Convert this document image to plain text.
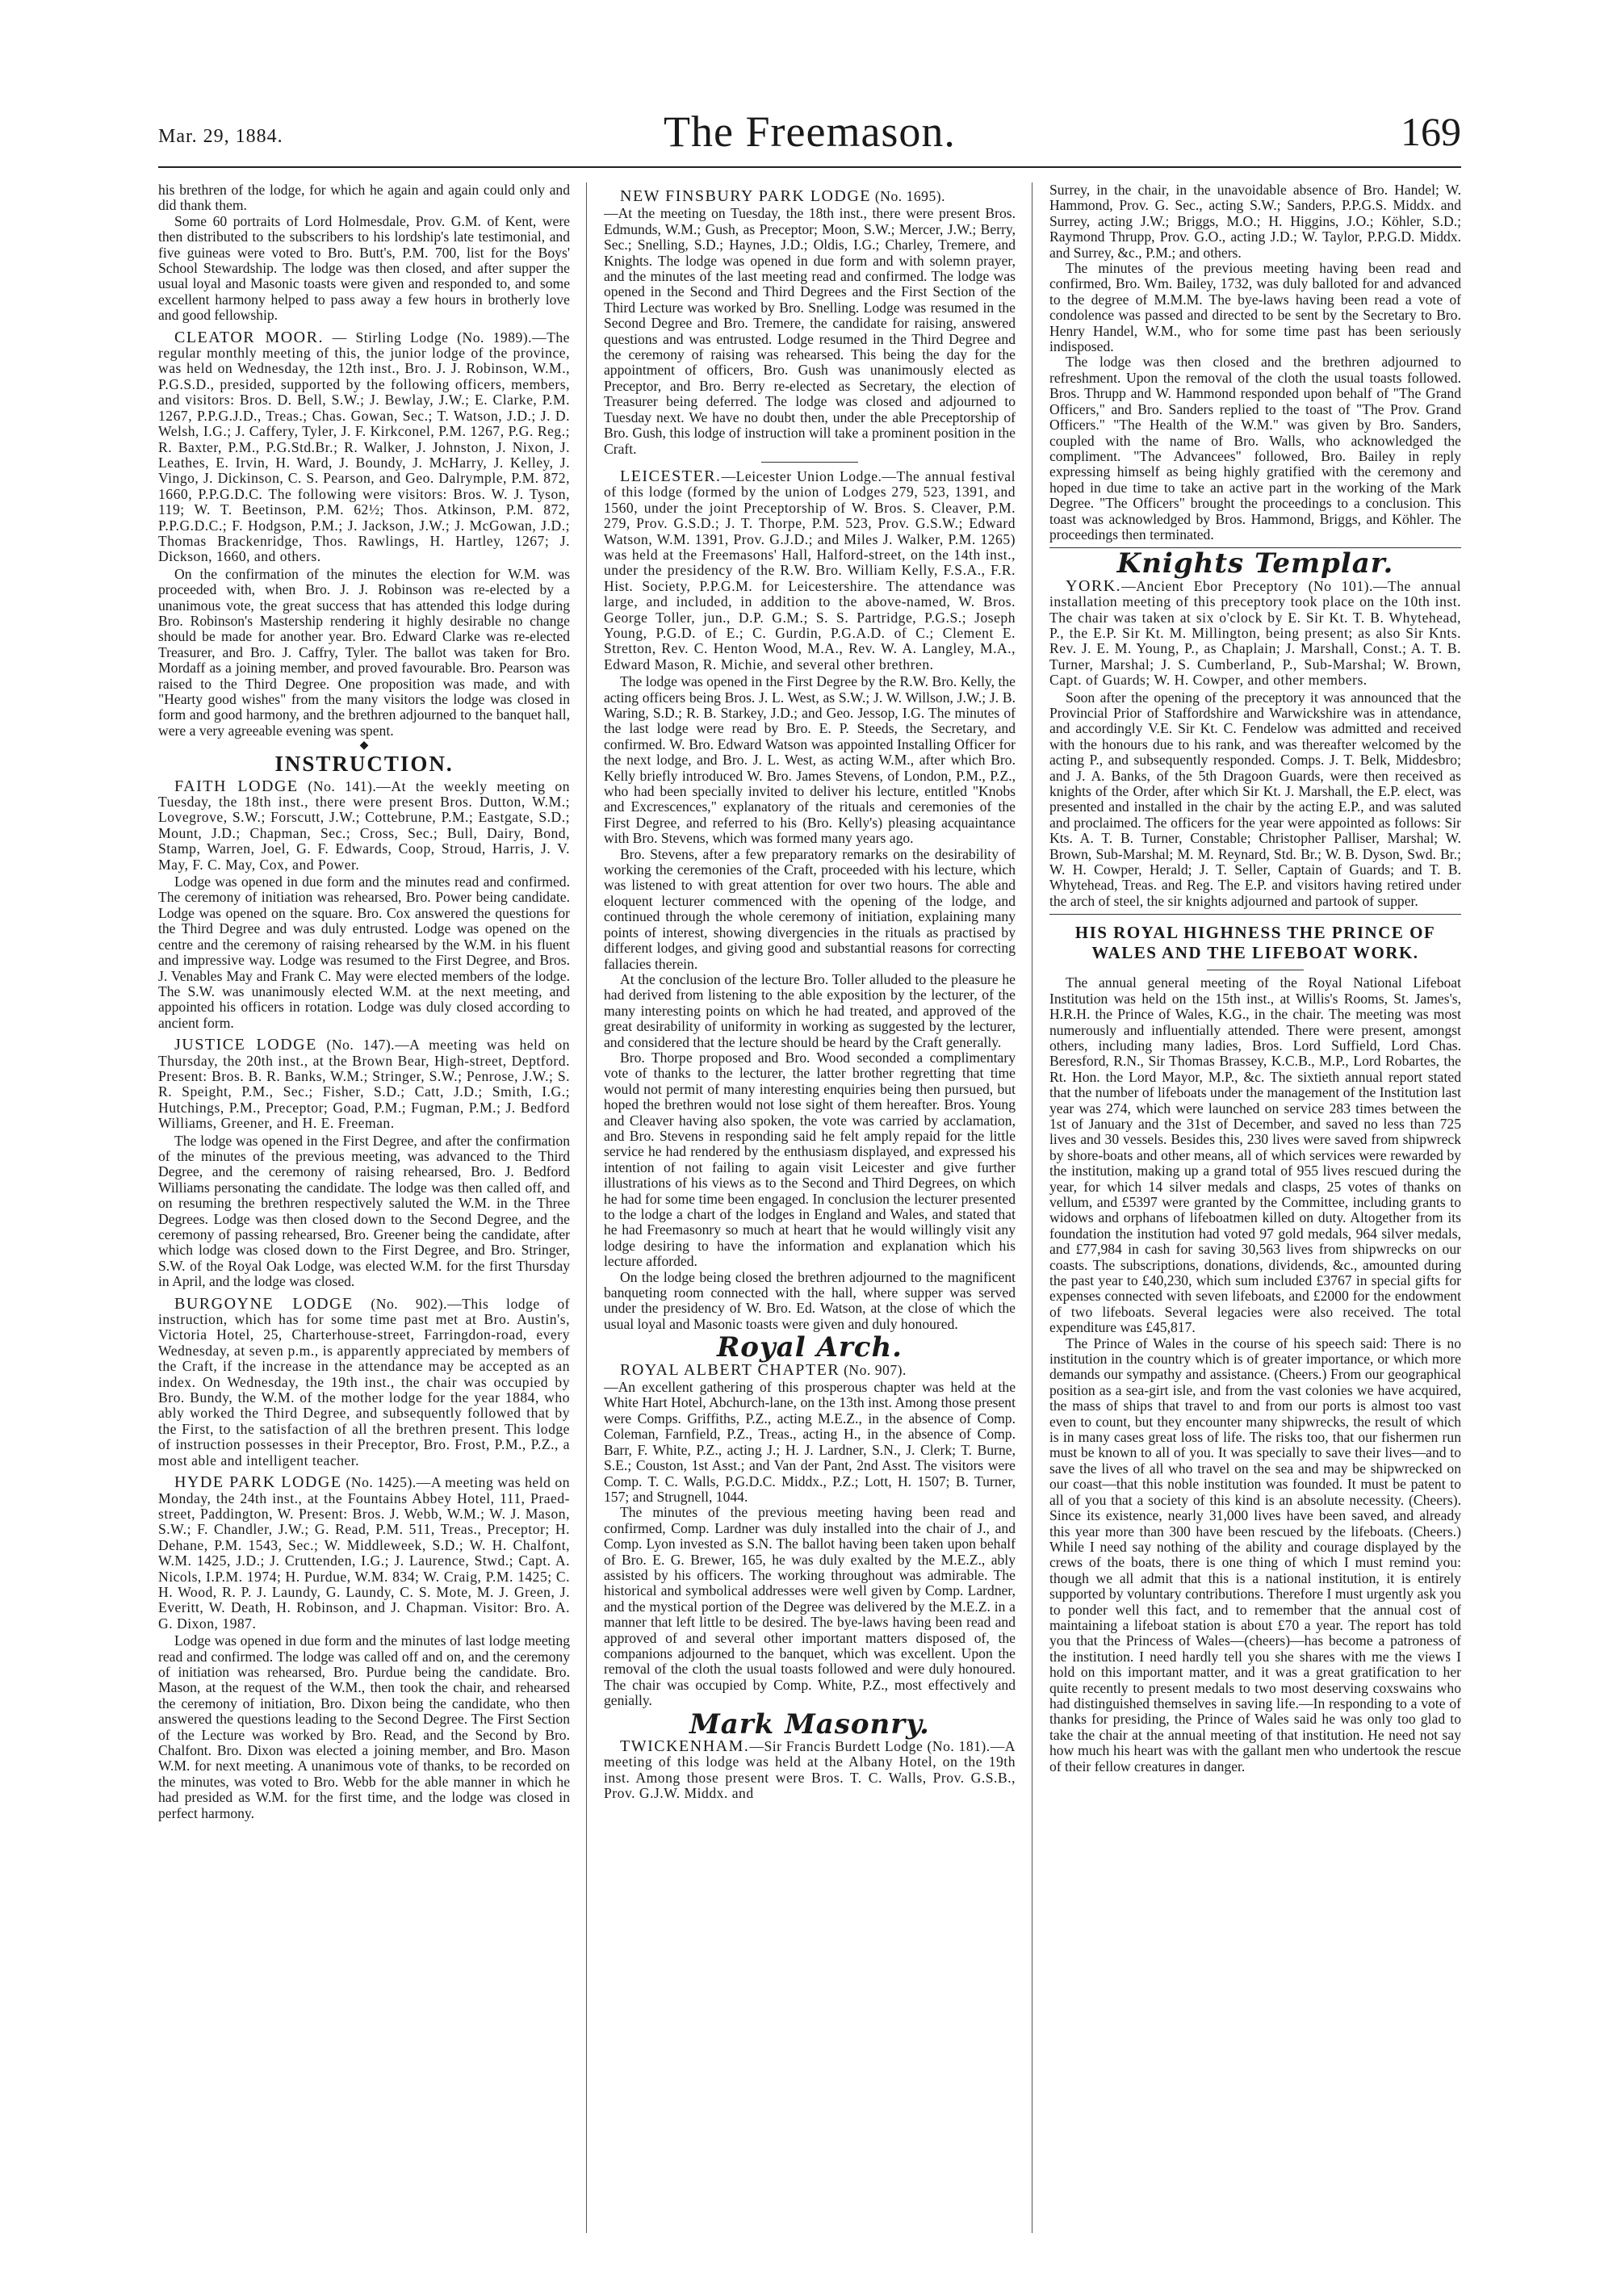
Mar. 29, 1884.	The Freemason.	169

his brethren of the lodge, for which he again and again could only and did thank them.

Some 60 portraits of Lord Holmesdale, Prov. G.M. of Kent, were then distributed to the subscribers to his lordship's late testimonial, and five guineas were voted to Bro. Butt's, P.M. 700, list for the Boys' School Stewardship. The lodge was then closed, and after supper the usual loyal and Masonic toasts were given and responded to, and some excellent harmony helped to pass away a few hours in brotherly love and good fellowship.

CLEATOR MOOR. — Stirling Lodge (No. 1989).—The regular monthly meeting of this, the junior lodge of the province, was held on Wednesday, the 12th inst., Bro. J. J. Robinson, W.M., P.G.S.D., presided, supported by the following officers, members, and visitors: Bros. D. Bell, S.W.; J. Bewlay, J.W.; E. Clarke, P.M. 1267, P.P.G.J.D., Treas.; Chas. Gowan, Sec.; T. Watson, J.D.; J. D. Welsh, I.G.; J. Caffery, Tyler, J. F. Kirkconel, P.M. 1267, P.G. Reg.; R. Baxter, P.M., P.G.Std.Br.; R. Walker, J. Johnston, J. Nixon, J. Leathes, E. Irvin, H. Ward, J. Boundy, J. McHarry, J. Kelley, J. Vingo, J. Dickinson, C. S. Pearson, and Geo. Dalrymple, P.M. 872, 1660, P.P.G.D.C. The following were visitors: Bros. W. J. Tyson, 119; W. T. Beetinson, P.M. 62½; Thos. Atkinson, P.M. 872, P.P.G.D.C.; F. Hodgson, P.M.; J. Jackson, J.W.; J. McGowan, J.D.; Thomas Brackenridge, Thos. Rawlings, H. Hartley, 1267; J. Dickson, 1660, and others.

On the confirmation of the minutes the election for W.M. was proceeded with, when Bro. J. J. Robinson was re-elected by a unanimous vote, the great success that has attended this lodge during Bro. Robinson's Mastership rendering it highly desirable no change should be made for another year. Bro. Edward Clarke was re-elected Treasurer, and Bro. J. Caffry, Tyler. The ballot was taken for Bro. Mordaff as a joining member, and proved favourable. Bro. Pearson was raised to the Third Degree. One proposition was made, and with "Hearty good wishes" from the many visitors the lodge was closed in form and good harmony, and the brethren adjourned to the banquet hall, were a very agreeable evening was spent.

◆
INSTRUCTION.
FAITH LODGE (No. 141).—At the weekly meeting on Tuesday, the 18th inst., there were present Bros. Dutton, W.M.; Lovegrove, S.W.; Forscutt, J.W.; Cottebrune, P.M.; Eastgate, S.D.; Mount, J.D.; Chapman, Sec.; Cross, Sec.; Bull, Dairy, Bond, Stamp, Warren, Joel, G. F. Edwards, Coop, Stroud, Harris, J. V. May, F. C. May, Cox, and Power.

Lodge was opened in due form and the minutes read and confirmed. The ceremony of initiation was rehearsed, Bro. Power being candidate. Lodge was opened on the square. Bro. Cox answered the questions for the Third Degree and was duly entrusted. Lodge was opened on the centre and the ceremony of raising rehearsed by the W.M. in his fluent and impressive way. Lodge was resumed to the First Degree, and Bros. J. Venables May and Frank C. May were elected members of the lodge. The S.W. was unanimously elected W.M. at the next meeting, and appointed his officers in rotation. Lodge was duly closed according to ancient form.

JUSTICE LODGE (No. 147).—A meeting was held on Thursday, the 20th inst., at the Brown Bear, High-street, Deptford. Present: Bros. B. R. Banks, W.M.; Stringer, S.W.; Penrose, J.W.; S. R. Speight, P.M., Sec.; Fisher, S.D.; Catt, J.D.; Smith, I.G.; Hutchings, P.M., Preceptor; Goad, P.M.; Fugman, P.M.; J. Bedford Williams, Greener, and H. E. Freeman.

The lodge was opened in the First Degree, and after the confirmation of the minutes of the previous meeting, was advanced to the Third Degree, and the ceremony of raising rehearsed, Bro. J. Bedford Williams personating the candidate. The lodge was then called off, and on resuming the brethren respectively saluted the W.M. in the Three Degrees. Lodge was then closed down to the Second Degree, and the ceremony of passing rehearsed, Bro. Greener being the candidate, after which lodge was closed down to the First Degree, and Bro. Stringer, S.W. of the Royal Oak Lodge, was elected W.M. for the first Thursday in April, and the lodge was closed.

BURGOYNE LODGE (No. 902).—This lodge of instruction, which has for some time past met at Bro. Austin's, Victoria Hotel, 25, Charterhouse-street, Farringdon-road, every Wednesday, at seven p.m., is apparently appreciated by members of the Craft, if the increase in the attendance may be accepted as an index. On Wednesday, the 19th inst., the chair was occupied by Bro. Bundy, the W.M. of the mother lodge for the year 1884, who ably worked the Third Degree, and subsequently followed that by the First, to the satisfaction of all the brethren present. This lodge of instruction possesses in their Preceptor, Bro. Frost, P.M., P.Z., a most able and intelligent teacher.
HYDE PARK LODGE (No. 1425).—A meeting was held on Monday, the 24th inst., at the Fountains Abbey Hotel, 111, Praed-street, Paddington, W. Present: Bros. J. Webb, W.M.; W. J. Mason, S.W.; F. Chandler, J.W.; G. Read, P.M. 511, Treas., Preceptor; H. Dehane, P.M. 1543, Sec.; W. Middleweek, S.D.; W. H. Chalfont, W.M. 1425, J.D.; J. Cruttenden, I.G.; J. Laurence, Stwd.; Capt. A. Nicols, I.P.M. 1974; H. Purdue, W.M. 834; W. Craig, P.M. 1425; C. H. Wood, R. P. J. Laundy, G. Laundy, C. S. Mote, M. J. Green, J. Everitt, W. Death, H. Robinson, and J. Chapman. Visitor: Bro. A. G. Dixon, 1987.

Lodge was opened in due form and the minutes of last lodge meeting read and confirmed. The lodge was called off and on, and the ceremony of initiation was rehearsed, Bro. Purdue being the candidate. Bro. Mason, at the request of the W.M., then took the chair, and rehearsed the ceremony of initiation, Bro. Dixon being the candidate, who then answered the questions leading to the Second Degree. The First Section of the Lecture was worked by Bro. Read, and the Second by Bro. Chalfont. Bro. Dixon was elected a joining member, and Bro. Mason W.M. for next meeting. A unanimous vote of thanks, to be recorded on the minutes, was voted to Bro. Webb for the able manner in which he had presided as W.M. for the first time, and the lodge was closed in perfect harmony.

NEW FINSBURY PARK LODGE (No. 1695).

—At the meeting on Tuesday, the 18th inst., there were present Bros. Edmunds, W.M.; Gush, as Preceptor; Moon, S.W.; Mercer, J.W.; Berry, Sec.; Snelling, S.D.; Haynes, J.D.; Oldis, I.G.; Charley, Tremere, and Knights. The lodge was opened in due form and with solemn prayer, and the minutes of the last meeting read and confirmed. The lodge was opened in the Second and Third Degrees and the First Section of the Third Lecture was worked by Bro. Snelling. Lodge was resumed in the Second Degree and Bro. Tremere, the candidate for raising, answered questions and was entrusted. Lodge resumed in the Third Degree and the ceremony of raising was rehearsed. This being the day for the appointment of officers, Bro. Gush was unanimously elected as Preceptor, and Bro. Berry re-elected as Secretary, the election of Treasurer being deferred. The lodge was closed and adjourned to Tuesday next. We have no doubt then, under the able Preceptorship of Bro. Gush, this lodge of instruction will take a prominent position in the Craft.

LEICESTER.—Leicester Union Lodge.—The annual festival of this lodge (formed by the union of Lodges 279, 523, 1391, and 1560, under the joint Preceptorship of W. Bros. S. Cleaver, P.M. 279, Prov. G.S.D.; J. T. Thorpe, P.M. 523, Prov. G.S.W.; Edward Watson, W.M. 1391, Prov. G.J.D.; and Miles J. Walker, P.M. 1265) was held at the Freemasons' Hall, Halford-street, on the 14th inst., under the presidency of the R.W. Bro. William Kelly, F.S.A., F.R. Hist. Society, P.P.G.M. for Leicestershire. The attendance was large, and included, in addition to the above-named, W. Bros. George Toller, jun., D.P. G.M.; S. S. Partridge, P.G.S.; Joseph Young, P.G.D. of E.; C. Gurdin, P.G.A.D. of C.; Clement E. Stretton, Rev. C. Henton Wood, M.A., Rev. W. A. Langley, M.A., Edward Mason, R. Michie, and several other brethren.

The lodge was opened in the First Degree by the R.W. Bro. Kelly, the acting officers being Bros. J. L. West, as S.W.; J. W. Willson, J.W.; J. B. Waring, S.D.; R. B. Starkey, J.D.; and Geo. Jessop, I.G. The minutes of the last lodge were read by Bro. E. P. Steeds, the Secretary, and confirmed. W. Bro. Edward Watson was appointed Installing Officer for the next lodge, and Bro. J. L. West, as acting W.M., after which Bro. Kelly briefly introduced W. Bro. James Stevens, of London, P.M., P.Z., who had been specially invited to deliver his lecture, entitled "Knobs and Excrescences," explanatory of the rituals and ceremonies of the First Degree, and referred to his (Bro. Kelly's) pleasing acquaintance with Bro. Stevens, which was formed many years ago.

Bro. Stevens, after a few preparatory remarks on the desirability of working the ceremonies of the Craft, proceeded with his lecture, which was listened to with great attention for over two hours. The able and eloquent lecturer commenced with the opening of the lodge, and continued through the whole ceremony of initiation, explaining many points of interest, showing divergencies in the rituals as practised by different lodges, and giving good and substantial reasons for correcting fallacies therein.

At the conclusion of the lecture Bro. Toller alluded to the pleasure he had derived from listening to the able exposition by the lecturer, of the many interesting points on which he had treated, and approved of the great desirability of uniformity in working as suggested by the lecturer, and considered that the lecture should be heard by the Craft generally.

Bro. Thorpe proposed and Bro. Wood seconded a complimentary vote of thanks to the lecturer, the latter brother regretting that time would not permit of many interesting enquiries being then pursued, but hoped the brethren would not lose sight of them hereafter. Bros. Young and Cleaver having also spoken, the vote was carried by acclamation, and Bro. Stevens in responding said he felt amply repaid for the little service he had rendered by the enthusiasm displayed, and expressed his intention of not failing to again visit Leicester and give further illustrations of his views as to the Second and Third Degrees, on which he had for some time been engaged. In conclusion the lecturer presented to the lodge a chart of the lodges in England and Wales, and stated that he had Freemasonry so much at heart that he would willingly visit any lodge desiring to have the information and explanation which his lecture afforded.

On the lodge being closed the brethren adjourned to the magnificent banqueting room connected with the hall, where supper was served under the presidency of W. Bro. Ed. Watson, at the close of which the usual loyal and Masonic toasts were given and duly honoured.

Royal Arch.
ROYAL ALBERT CHAPTER (No. 907).

—An excellent gathering of this prosperous chapter was held at the White Hart Hotel, Abchurch-lane, on the 13th inst. Among those present were Comps. Griffiths, P.Z., acting M.E.Z., in the absence of Comp. Coleman, Farnfield, P.Z., Treas., acting H., in the absence of Comp. Barr, F. White, P.Z., acting J.; H. J. Lardner, S.N., J. Clerk; T. Burne, S.E.; Couston, 1st Asst.; and Van der Pant, 2nd Asst. The visitors were Comp. T. C. Walls, P.G.D.C. Middx., P.Z.; Lott, H. 1507; B. Turner, 157; and Strugnell, 1044.

The minutes of the previous meeting having been read and confirmed, Comp. Lardner was duly installed into the chair of J., and Comp. Lyon invested as S.N. The ballot having been taken upon behalf of Bro. E. G. Brewer, 165, he was duly exalted by the M.E.Z., ably assisted by his officers. The working throughout was admirable. The historical and symbolical addresses were well given by Comp. Lardner, and the mystical portion of the Degree was delivered by the M.E.Z. in a manner that left little to be desired. The bye-laws having been read and approved of and several other important matters disposed of, the companions adjourned to the banquet, which was excellent. Upon the removal of the cloth the usual toasts followed and were duly honoured. The chair was occupied by Comp. White, P.Z., most effectively and genially.

Mark Masonry.
TWICKENHAM.—Sir Francis Burdett Lodge (No. 181).—A meeting of this lodge was held at the Albany Hotel, on the 19th inst. Among those present were Bros. T. C. Walls, Prov. G.S.B., Prov. G.J.W. Middx. and

Surrey, in the chair, in the unavoidable absence of Bro. Handel; W. Hammond, Prov. G. Sec., acting S.W.; Sanders, P.P.G.S. Middx. and Surrey, acting J.W.; Briggs, M.O.; H. Higgins, J.O.; Köhler, S.D.; Raymond Thrupp, Prov. G.O., acting J.D.; W. Taylor, P.P.G.D. Middx. and Surrey, &c., P.M.; and others.

The minutes of the previous meeting having been read and confirmed, Bro. Wm. Bailey, 1732, was duly balloted for and advanced to the degree of M.M.M. The bye-laws having been read a vote of condolence was passed and directed to be sent by the Secretary to Bro. Henry Handel, W.M., who for some time past has been seriously indisposed.

The lodge was then closed and the brethren adjourned to refreshment. Upon the removal of the cloth the usual toasts followed. Bros. Thrupp and W. Hammond responded upon behalf of "The Grand Officers," and Bro. Sanders replied to the toast of "The Prov. Grand Officers." "The Health of the W.M." was given by Bro. Sanders, coupled with the name of Bro. Walls, who acknowledged the compliment. "The Advancees" followed, Bro. Bailey in reply expressing himself as being highly gratified with the ceremony and hoped in due time to take an active part in the working of the Mark Degree. "The Officers" brought the proceedings to a conclusion. This toast was acknowledged by Bros. Hammond, Briggs, and Köhler. The proceedings then terminated.

Knights Templar.
YORK.—Ancient Ebor Preceptory (No 101).—The annual installation meeting of this preceptory took place on the 10th inst. The chair was taken at six o'clock by E. Sir Kt. T. B. Whytehead, P., the E.P. Sir Kt. M. Millington, being present; as also Sir Knts. Rev. J. E. M. Young, P., as Chaplain; J. Marshall, Const.; A. T. B. Turner, Marshal; J. S. Cumberland, P., Sub-Marshal; W. Brown, Capt. of Guards; W. H. Cowper, and other members.

Soon after the opening of the preceptory it was announced that the Provincial Prior of Staffordshire and Warwickshire was in attendance, and accordingly V.E. Sir Kt. C. Fendelow was admitted and received with the honours due to his rank, and was thereafter welcomed by the acting P., and subsequently responded. Comps. J. T. Belk, Middesbro; and J. A. Banks, of the 5th Dragoon Guards, were then received as knights of the Order, after which Sir Kt. J. Marshall, the E.P. elect, was presented and installed in the chair by the acting E.P., and was saluted and proclaimed. The officers for the year were appointed as follows: Sir Kts. A. T. B. Turner, Constable; Christopher Palliser, Marshal; W. Brown, Sub-Marshal; M. M. Reynard, Std. Br.; W. B. Dyson, Swd. Br.; W. H. Cowper, Herald; J. T. Seller, Captain of Guards; and T. B. Whytehead, Treas. and Reg. The E.P. and visitors having retired under the arch of steel, the sir knights adjourned and partook of supper.

HIS ROYAL HIGHNESS THE PRINCE OF WALES AND THE LIFEBOAT WORK.

The annual general meeting of the Royal National Lifeboat Institution was held on the 15th inst., at Willis's Rooms, St. James's, H.R.H. the Prince of Wales, K.G., in the chair. The meeting was most numerously and influentially attended. There were present, amongst others, including many ladies, Bros. Lord Suffield, Lord Chas. Beresford, R.N., Sir Thomas Brassey, K.C.B., M.P., Lord Robartes, the Rt. Hon. the Lord Mayor, M.P., &c. The sixtieth annual report stated that the number of lifeboats under the management of the Institution last year was 274, which were launched on service 283 times between the 1st of January and the 31st of December, and saved no less than 725 lives and 30 vessels. Besides this, 230 lives were saved from shipwreck by shore-boats and other means, all of which services were rewarded by the institution, making up a grand total of 955 lives rescued during the year, for which 14 silver medals and clasps, 25 votes of thanks on vellum, and £5397 were granted by the Committee, including grants to widows and orphans of lifeboatmen killed on duty. Altogether from its foundation the institution had voted 97 gold medals, 964 silver medals, and £77,984 in cash for saving 30,563 lives from shipwrecks on our coasts. The subscriptions, donations, dividends, &c., amounted during the past year to £40,230, which sum included £3767 in special gifts for expenses connected with seven lifeboats, and £2000 for the endowment of two lifeboats. Several legacies were also received. The total expenditure was £45,817.

The Prince of Wales in the course of his speech said: There is no institution in the country which is of greater importance, or which more demands our sympathy and assistance. (Cheers.) From our geographical position as a sea-girt isle, and from the vast colonies we have acquired, the mass of ships that travel to and from our ports is almost too vast even to count, but they encounter many shipwrecks, the result of which is in many cases great loss of life. The risks too, that our fishermen run must be known to all of you. It was specially to save their lives—and to save the lives of all who travel on the sea and may be shipwrecked on our coast—that this noble institution was founded. It must be patent to all of you that a society of this kind is an absolute necessity. (Cheers). Since its existence, nearly 31,000 lives have been saved, and already this year more than 300 have been rescued by the lifeboats. (Cheers.) While I need say nothing of the ability and courage displayed by the crews of the boats, there is one thing of which I must remind you: though we all admit that this is a national institution, it is entirely supported by voluntary contributions. Therefore I must urgently ask you to ponder well this fact, and to remember that the annual cost of maintaining a lifeboat station is about £70 a year. The report has told you that the Princess of Wales—(cheers)—has become a patroness of the institution. I need hardly tell you she shares with me the views I hold on this important matter, and it was a great gratification to her quite recently to present medals to two most deserving coxswains who had distinguished themselves in saving life.—In responding to a vote of thanks for presiding, the Prince of Wales said he was only too glad to take the chair at the annual meeting of that institution. He need not say how much his heart was with the gallant men who undertook the rescue of their fellow creatures in danger.
